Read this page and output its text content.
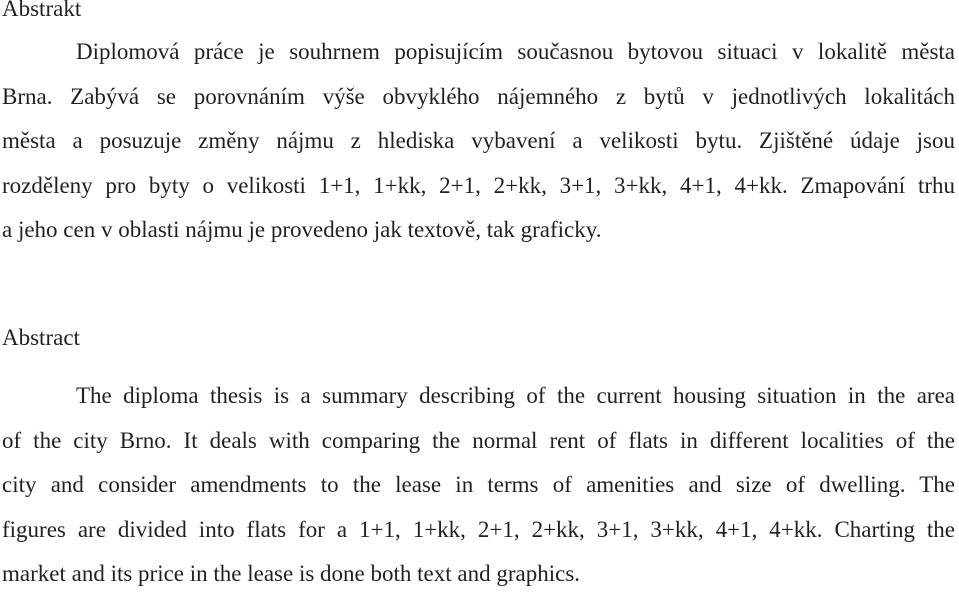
Abstrakt
Diplomová práce je souhrnem popisujícím současnou bytovou situaci v lokalitě města
Brna. Zabývá se porovnáním výše obvyklého nájemného z bytů v jednotlivých lokalitách
města a posuzuje změny nájmu z hlediska vybavení a velikosti bytu. Zjištěné údaje jsou
rozděleny pro byty o velikosti 1+1, 1+kk, 2+1, 2+kk, 3+1, 3+kk, 4+1, 4+kk. Zmapování trhu
a jeho cen v oblasti nájmu je provedeno jak textově, tak graficky.
Abstract
The diploma thesis is a summary describing of the current housing situation in the area
of the city Brno. It deals with comparing the normal rent of flats in different localities of the
city and consider amendments to the lease in terms of amenities and size of dwelling. The
figures are divided into flats for a 1+1, 1+kk, 2+1, 2+kk, 3+1, 3+kk, 4+1, 4+kk. Charting the
market and its price in the lease is done both text and graphics.
